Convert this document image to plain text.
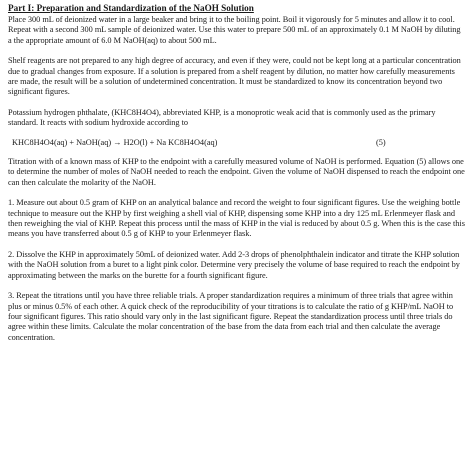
Part I: Preparation and Standardization of the NaOH Solution

Place 300 mL of deionized water in a large beaker and bring it to the boiling point. Boil it vigorously for 5 minutes and allow it to cool. Repeat with a second 300 mL sample of deionized water. Use this water to prepare 500 mL of an approximately 0.1 M NaOH by diluting a the appropriate amount of 6.0 M NaOH(aq) to about 500 mL.

Shelf reagents are not prepared to any high degree of accuracy, and even if they were, could not be kept long at a particular concentration due to gradual changes from exposure. If a solution is prepared from a shelf reagent by dilution, no matter how carefully measurements are made, the result will be a solution of undetermined concentration. It must be standardized to know its concentration beyond two significant figures.

Potassium hydrogen phthalate, (KHC8H4O4), abbreviated KHP, is a monoprotic weak acid that is commonly used as the primary standard. It reacts with sodium hydroxide according to

KHC8H4O4(aq) + NaOH(aq) → H2O(l) + Na KC8H4O4(aq)	(5)

Titration with of a known mass of KHP to the endpoint with a carefully measured volume of NaOH is performed. Equation (5) allows one to determine the number of moles of NaOH needed to reach the endpoint. Given the volume of NaOH dispensed to reach the endpoint one can then calculate the molarity of the NaOH.

1. Measure out about 0.5 gram of KHP on an analytical balance and record the weight to four significant figures. Use the weighing bottle technique to measure out the KHP by first weighing a shell vial of KHP, dispensing some KHP into a dry 125 mL Erlenmeyer flask and then reweighing the vial of KHP. Repeat this process until the mass of KHP in the vial is reduced by about 0.5 g. When this is the case this means you have transferred about 0.5 g of KHP to your Erlenmeyer flask.

2. Dissolve the KHP in approximately 50mL of deionized water. Add 2-3 drops of phenolphthalein indicator and titrate the KHP solution with the NaOH solution from a buret to a light pink color. Determine very precisely the volume of base required to reach the endpoint by approximating between the marks on the burette for a fourth significant figure.

3. Repeat the titrations until you have three reliable trials. A proper standardization requires a minimum of three trials that agree within plus or minus 0.5% of each other. A quick check of the reproducibility of your titrations is to calculate the ratio of g KHP/mL NaOH to four significant figures. This ratio should vary only in the last significant figure. Repeat the standardization process until three trials do agree within these limits. Calculate the molar concentration of the base from the data from each trial and then calculate the average concentration.
